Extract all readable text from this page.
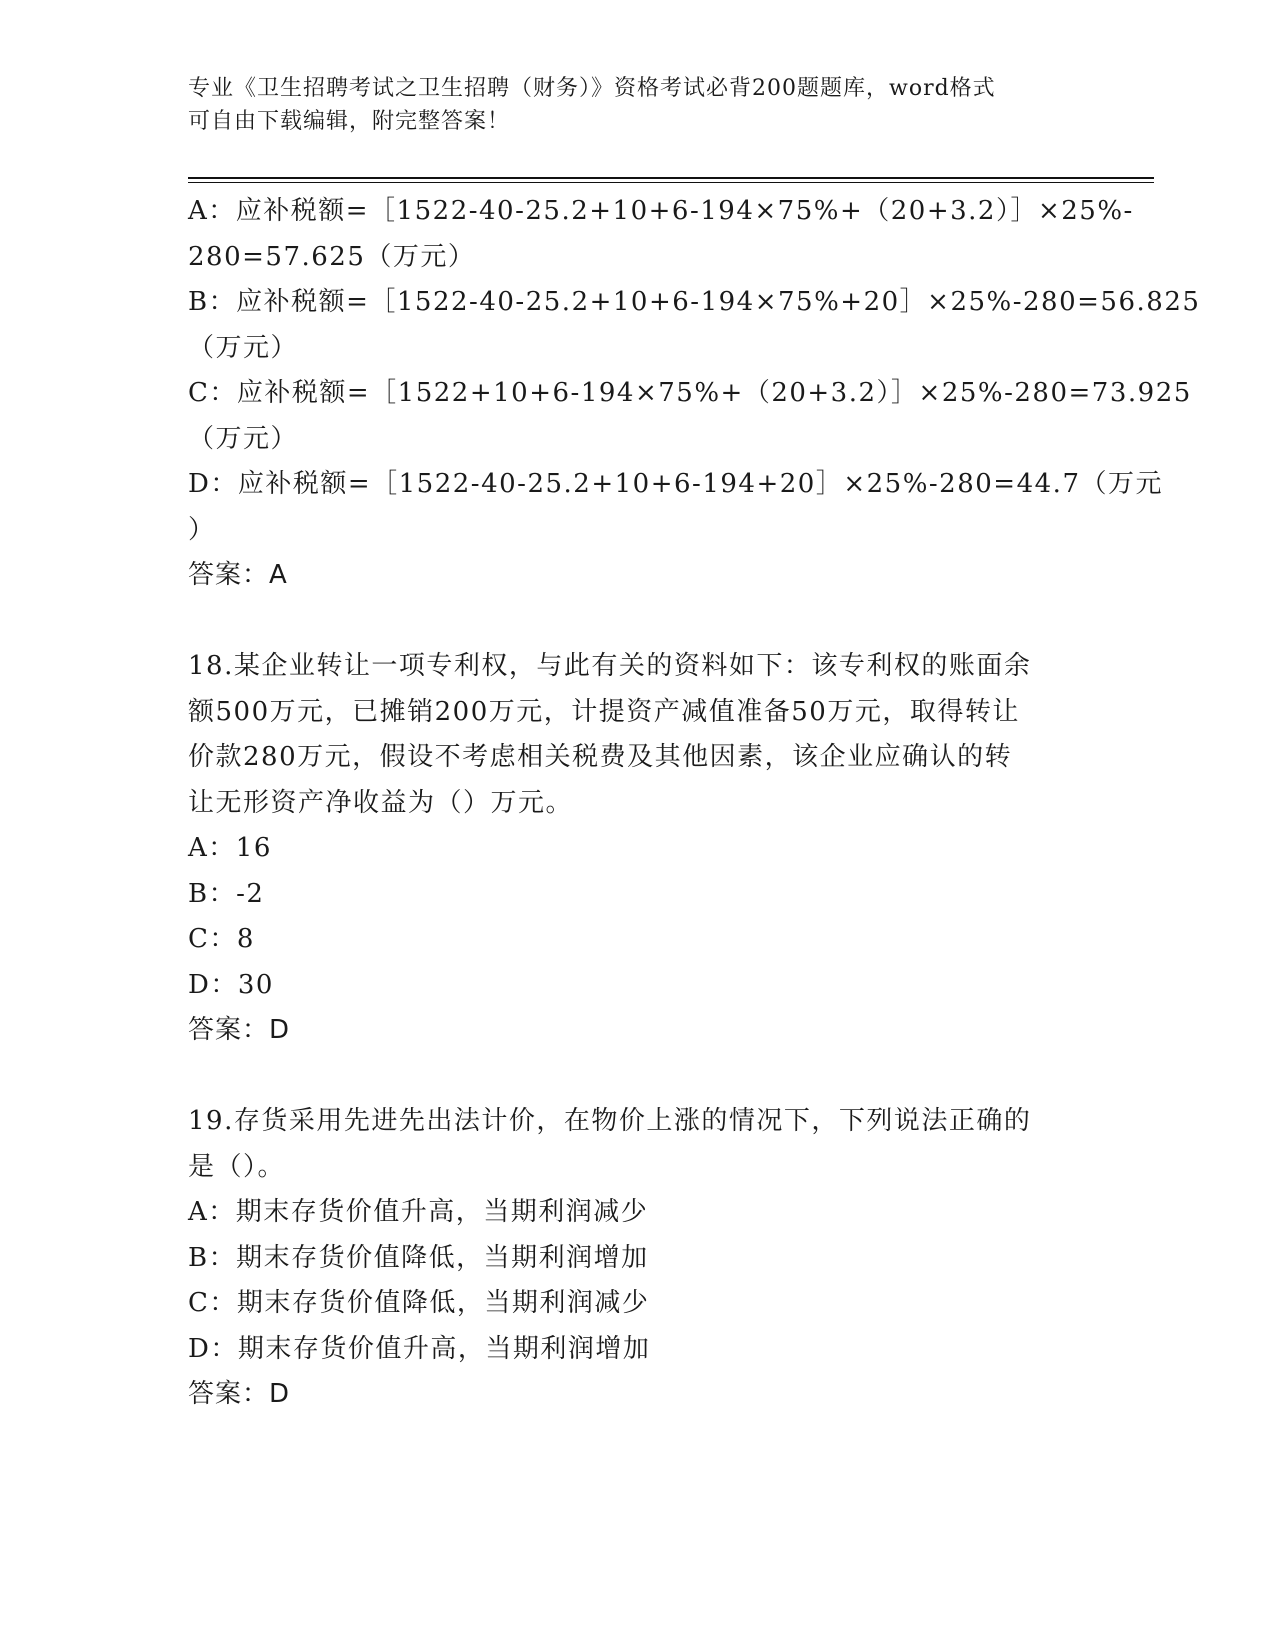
专业《卫生招聘考试之卫生招聘（财务）》资格考试必背200题题库，word格式
可自由下载编辑，附完整答案！
A：应补税额=［1522-40-25.2+10+6-194×75%+（20+3.2）］×25%-
280=57.625（万元）
B：应补税额=［1522-40-25.2+10+6-194×75%+20］×25%-280=56.825
（万元）
C：应补税额=［1522+10+6-194×75%+（20+3.2）］×25%-280=73.925
（万元）
D：应补税额=［1522-40-25.2+10+6-194+20］×25%-280=44.7（万元
）
答案：A
18.某企业转让一项专利权，与此有关的资料如下：该专利权的账面余
额500万元，已摊销200万元，计提资产减值准备50万元，取得转让
价款280万元，假设不考虑相关税费及其他因素，该企业应确认的转
让无形资产净收益为（）万元。
A：16
B：-2
C：8
D：30
答案：D
19.存货采用先进先出法计价，在物价上涨的情况下，下列说法正确的
是（）。
A：期末存货价值升高，当期利润减少
B：期末存货价值降低，当期利润增加
C：期末存货价值降低，当期利润减少
D：期末存货价值升高，当期利润增加
答案：D
